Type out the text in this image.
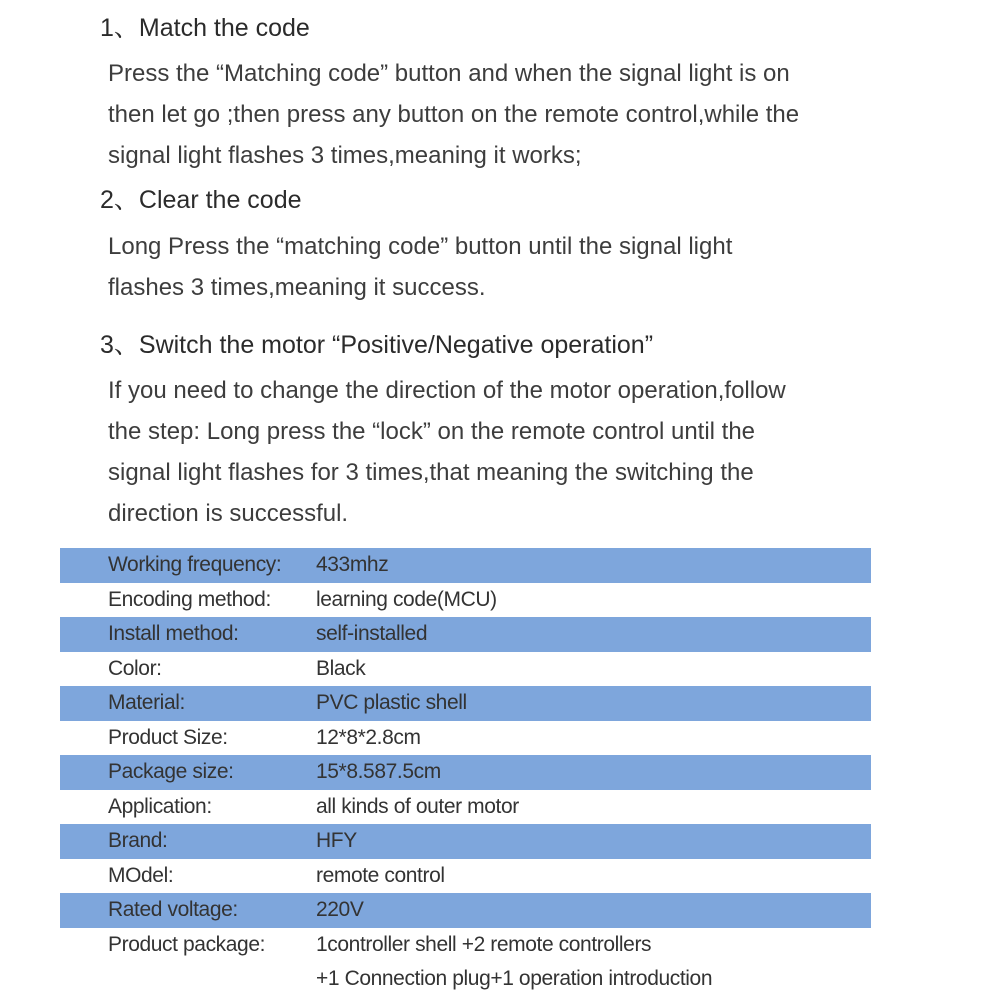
1、Match the code
Press the “Matching code” button and when the signal light is on
then let go ;then press any button on the remote control,while the
signal light flashes 3 times,meaning it works;
2、Clear the code
Long Press the “matching code” button until the signal light
flashes 3 times,meaning it success.
3、Switch the motor “Positive/Negative operation”
If you need to change the direction of the motor operation,follow
the step: Long press the “lock” on the remote control until the
signal light flashes for 3 times,that meaning the switching the
direction is successful.
Working frequency: 433mhz
Encoding method: learning code(MCU)
Install method:	self-installed
Color:	Black
Material:	PVC plastic shell
Product Size:	12*8*2.8cm
Package size:	15*8.587.5cm
Application:	all kinds of outer motor
Brand:	HFY
MOdel:	remote control
Rated voltage:	220V
Product package: 1controller shell +2 remote controllers
+1 Connection plug+1 operation introduction
